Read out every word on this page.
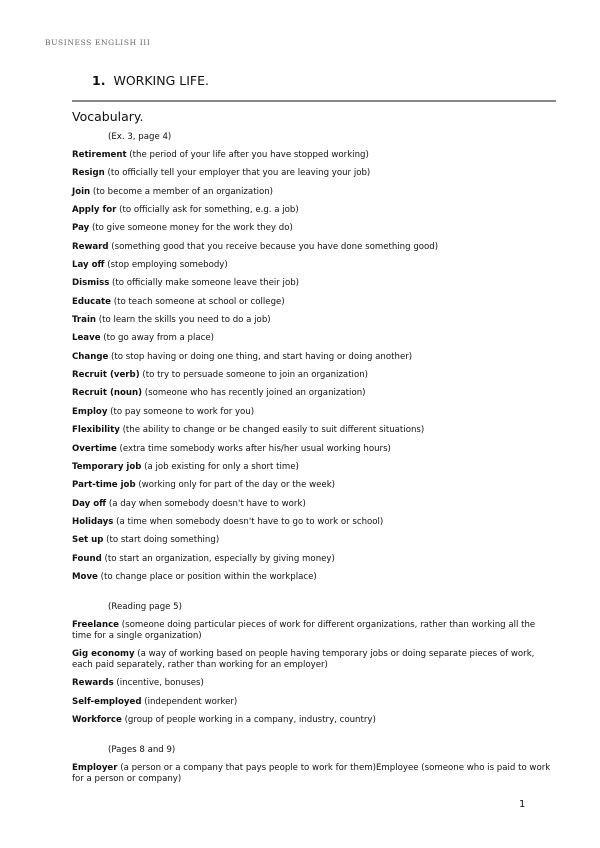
BUSINESS ENGLISH III
1. WORKING LIFE.
Vocabulary.
(Ex. 3, page 4)
Retirement (the period of your life after you have stopped working)
Resign (to officially tell your employer that you are leaving your job)
Join (to become a member of an organization)
Apply for (to officially ask for something, e.g. a job)
Pay (to give someone money for the work they do)
Reward (something good that you receive because you have done something good)
Lay off (stop employing somebody)
Dismiss (to officially make someone leave their job)
Educate (to teach someone at school or college)
Train (to learn the skills you need to do a job)
Leave (to go away from a place)
Change (to stop having or doing one thing, and start having or doing another)
Recruit (verb) (to try to persuade someone to join an organization)
Recruit (noun) (someone who has recently joined an organization)
Employ (to pay someone to work for you)
Flexibility (the ability to change or be changed easily to suit different situations)
Overtime (extra time somebody works after his/her usual working hours)
Temporary job (a job existing for only a short time)
Part-time job (working only for part of the day or the week)
Day off (a day when somebody doesn't have to work)
Holidays (a time when somebody doesn't have to go to work or school)
Set up (to start doing something)
Found (to start an organization, especially by giving money)
Move (to change place or position within the workplace)
(Reading page 5)
Freelance (someone doing particular pieces of work for different organizations, rather than working all the time for a single organization)
Gig economy (a way of working based on people having temporary jobs or doing separate pieces of work, each paid separately, rather than working for an employer)
Rewards (incentive, bonuses)
Self-employed (independent worker)
Workforce (group of people working in a company, industry, country)
(Pages 8 and 9)
Employer (a person or a company that pays people to work for them)Employee (someone who is paid to work for a person or company)
1
